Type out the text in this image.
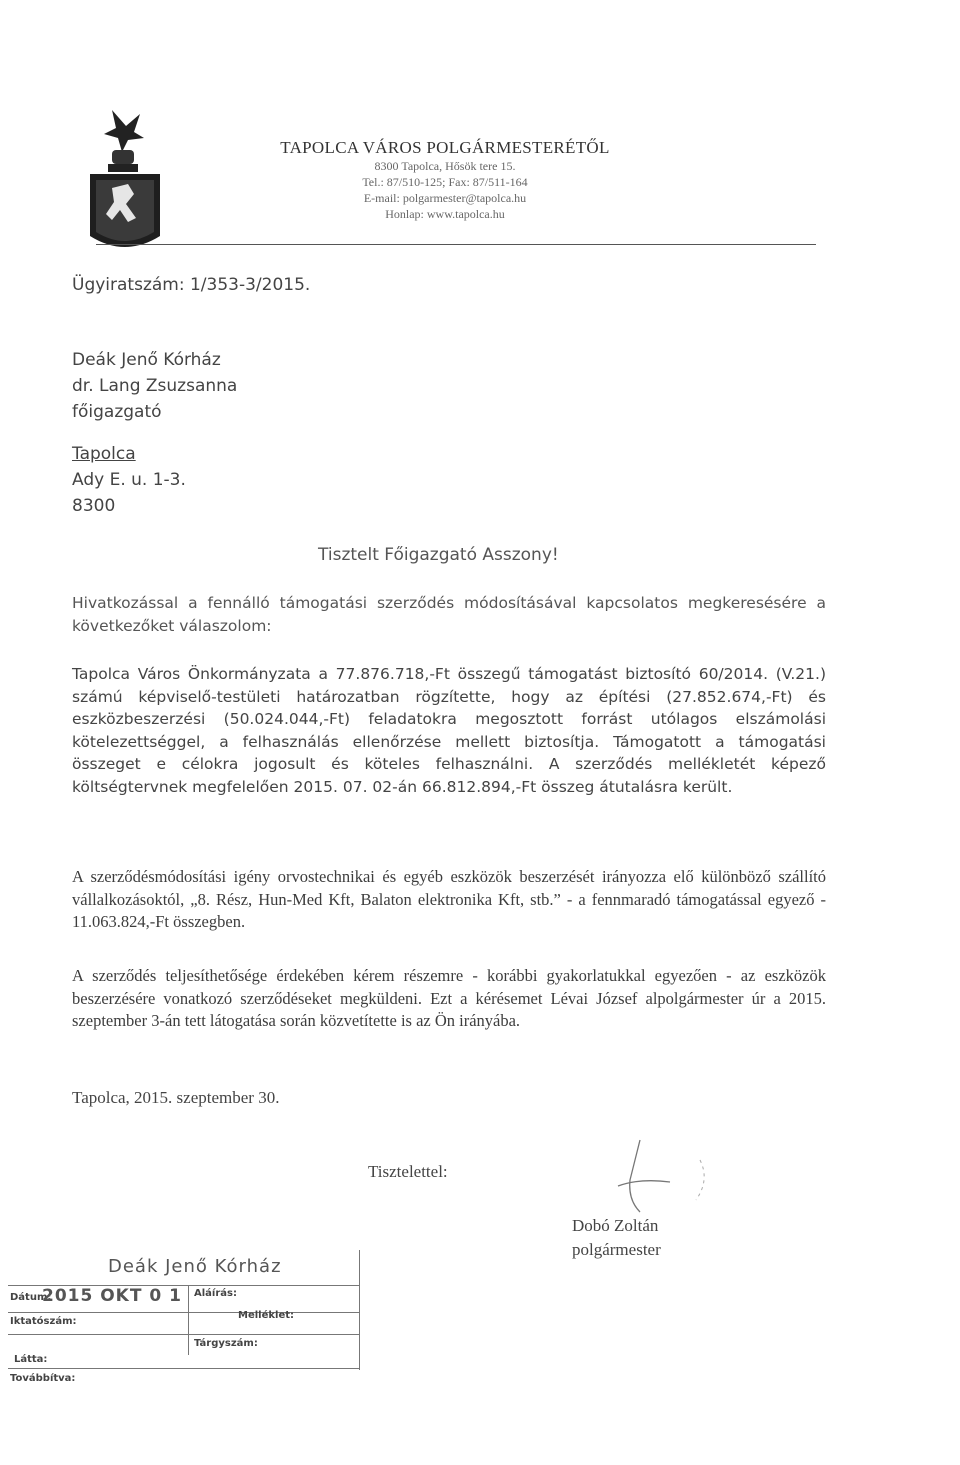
TAPOLCA VÁROS POLGÁRMESTERÉTŐL
8300 Tapolca, Hősök tere 15.
Tel.: 87/510-125; Fax: 87/511-164
E-mail: polgarmester@tapolca.hu
Honlap: www.tapolca.hu
Ügyiratszám: 1/353-3/2015.
Deák Jenő Kórház
dr. Lang Zsuzsanna
főigazgató
Tapolca
Ady E. u. 1-3.
8300
Tisztelt Főigazgató Asszony!

Hivatkozással a fennálló támogatási szerződés módosításával kapcsolatos megkeresésére a következőket válaszolom:

Tapolca Város Önkormányzata a 77.876.718,-Ft összegű támogatást biztosító 60/2014. (V.21.) számú képviselő-testületi határozatban rögzítette, hogy az építési (27.852.674,-Ft) és eszközbeszerzési (50.024.044,-Ft) feladatokra megosztott forrást utólagos elszámolási kötelezettséggel, a felhasználás ellenőrzése mellett biztosítja. Támogatott a támogatási összeget e célokra jogosult és köteles felhasználni. A szerződés mellékletét képező költségtervnek megfelelően 2015. 07. 02-án 66.812.894,-Ft összeg átutalásra került.

A szerződésmódosítási igény orvostechnikai és egyéb eszközök beszerzését irányozza elő különböző szállító vállalkozásoktól, „8. Rész, Hun-Med Kft, Balaton elektronika Kft, stb.” - a fennmaradó támogatással egyező - 11.063.824,-Ft összegben.

A szerződés teljesíthetősége érdekében kérem részemre - korábbi gyakorlatukkal egyezően - az eszközök beszerzésére vonatkozó szerződéseket megküldeni. Ezt a kérésemet Lévai József alpolgármester úr a 2015. szeptember 3-án tett látogatása során közvetítette is az Ön irányába.

Tapolca, 2015. szeptember 30.
Tisztelettel:
Dobó Zoltán
polgármester
Deák Jenő Kórház
Dátum:
2015 OKT 0 1 Aláírás:
Iktatószám:
Melléklet:
Tárgyszám:
Látta:
Továbbítva:
